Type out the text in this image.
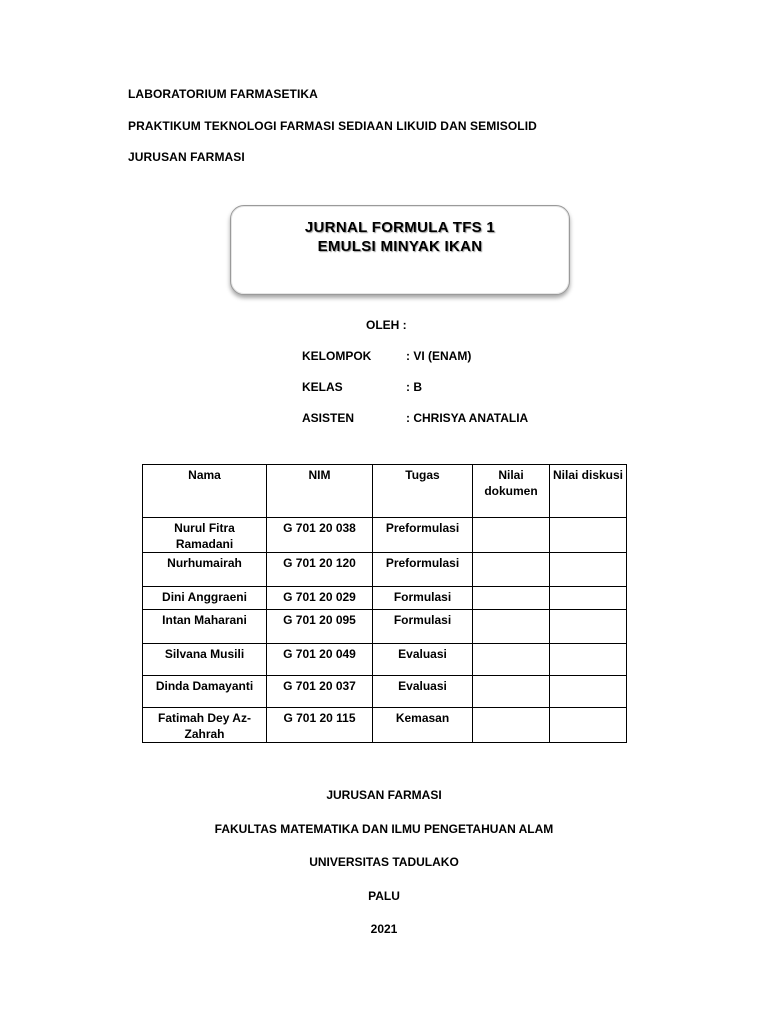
LABORATORIUM FARMASETIKA
PRAKTIKUM TEKNOLOGI FARMASI SEDIAAN LIKUID DAN SEMISOLID
JURUSAN FARMASI
JURNAL FORMULA TFS 1
EMULSI MINYAK IKAN
OLEH :
KELOMPOK	: VI (ENAM)
KELAS	: B
ASISTEN	: CHRISYA ANATALIA
Nama	NIM	Tugas	Nilai dokumen	Nilai diskusi
Nurul Fitra Ramadani	G 701 20 038	Preformulasi		
Nurhumairah	G 701 20 120	Preformulasi		
Dini Anggraeni	G 701 20 029	Formulasi		
Intan Maharani	G 701 20 095	Formulasi		
Silvana Musili	G 701 20 049	Evaluasi		
Dinda Damayanti	G 701 20 037	Evaluasi		
Fatimah Dey Az-Zahrah	G 701 20 115	Kemasan		
JURUSAN FARMASI
FAKULTAS MATEMATIKA DAN ILMU PENGETAHUAN ALAM
UNIVERSITAS TADULAKO
PALU
2021
